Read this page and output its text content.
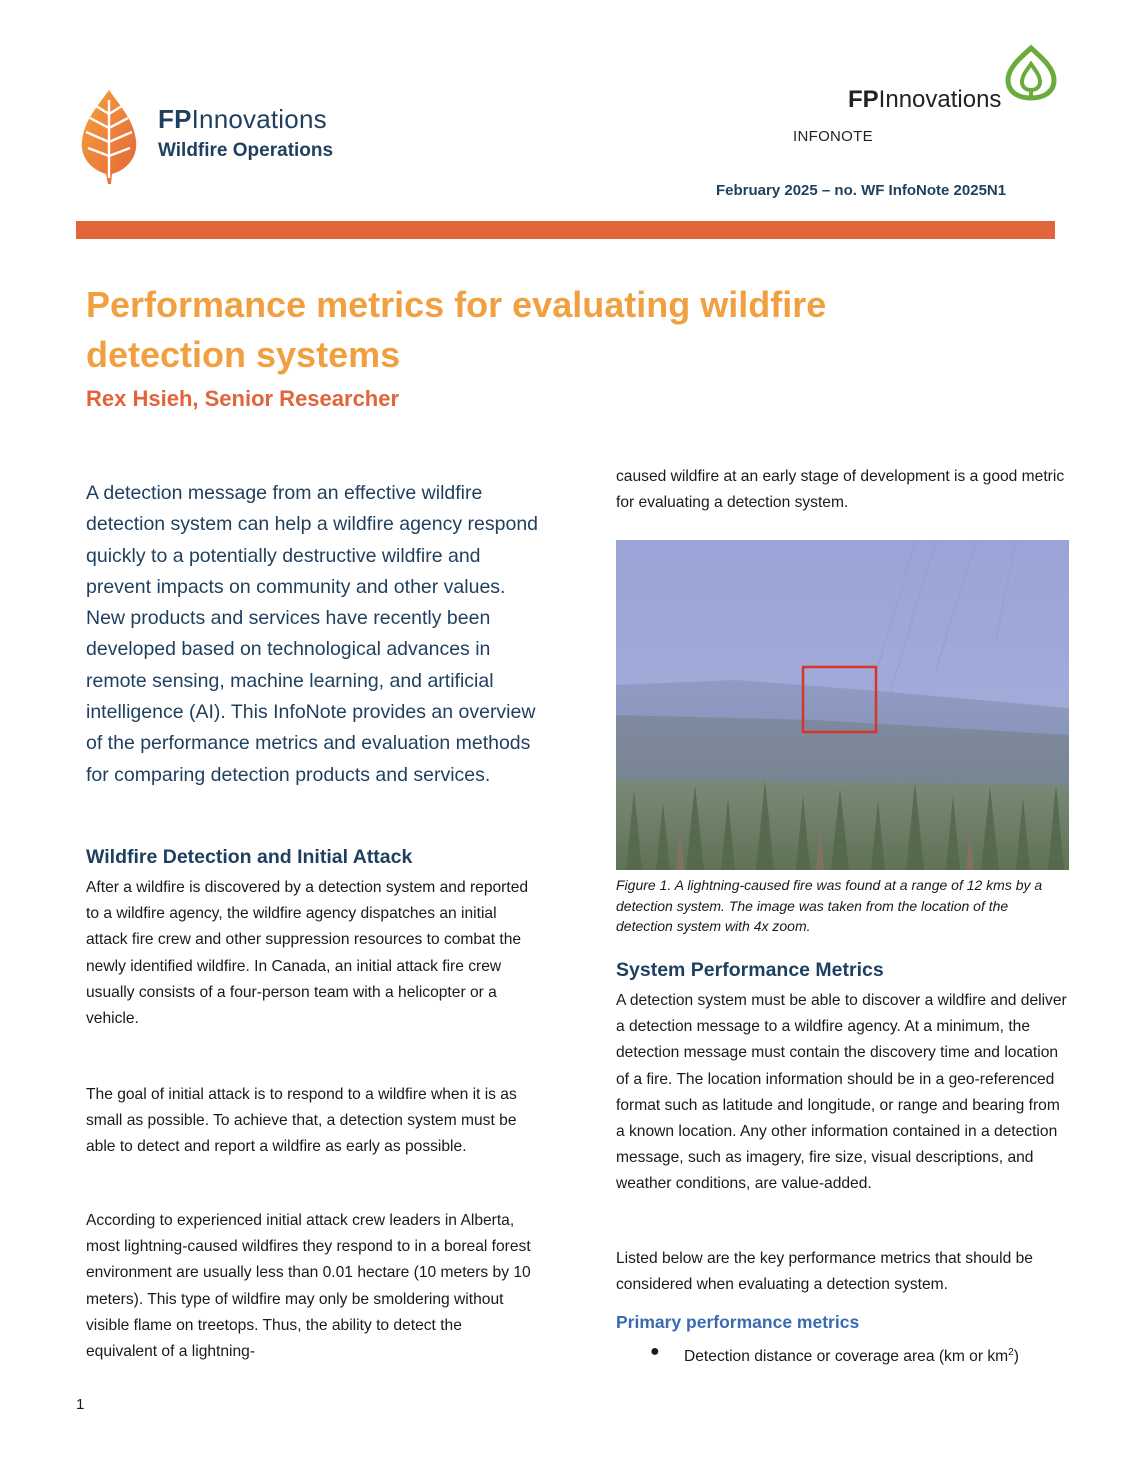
FPInnovations
Wildfire Operations
FPInnovations
INFONOTE
February 2025 – no. WF InfoNote 2025N1
Performance metrics for evaluating wildfire detection systems
Rex Hsieh, Senior Researcher

A detection message from an effective wildfire detection system can help a wildfire agency respond quickly to a potentially destructive wildfire and prevent impacts on community and other values. New products and services have recently been developed based on technological advances in remote sensing, machine learning, and artificial intelligence (AI). This InfoNote provides an overview of the performance metrics and evaluation methods for comparing detection products and services.

Wildfire Detection and Initial Attack

After a wildfire is discovered by a detection system and reported to a wildfire agency, the wildfire agency dispatches an initial attack fire crew and other suppression resources to combat the newly identified wildfire. In Canada, an initial attack fire crew usually consists of a four-person team with a helicopter or a vehicle.

The goal of initial attack is to respond to a wildfire when it is as small as possible. To achieve that, a detection system must be able to detect and report a wildfire as early as possible.

According to experienced initial attack crew leaders in Alberta, most lightning-caused wildfires they respond to in a boreal forest environment are usually less than 0.01 hectare (10 meters by 10 meters). This type of wildfire may only be smoldering without visible flame on treetops. Thus, the ability to detect the equivalent of a lightning-

caused wildfire at an early stage of development is a good metric for evaluating a detection system.

Figure 1. A lightning-caused fire was found at a range of 12 kms by a detection system. The image was taken from the location of the detection system with 4x zoom.

System Performance Metrics

A detection system must be able to discover a wildfire and deliver a detection message to a wildfire agency. At a minimum, the detection message must contain the discovery time and location of a fire. The location information should be in a geo-referenced format such as latitude and longitude, or range and bearing from a known location. Any other information contained in a detection message, such as imagery, fire size, visual descriptions, and weather conditions, are value-added.

Listed below are the key performance metrics that should be considered when evaluating a detection system.

Primary performance metrics
● Detection distance or coverage area (km or $km^2$)
1
